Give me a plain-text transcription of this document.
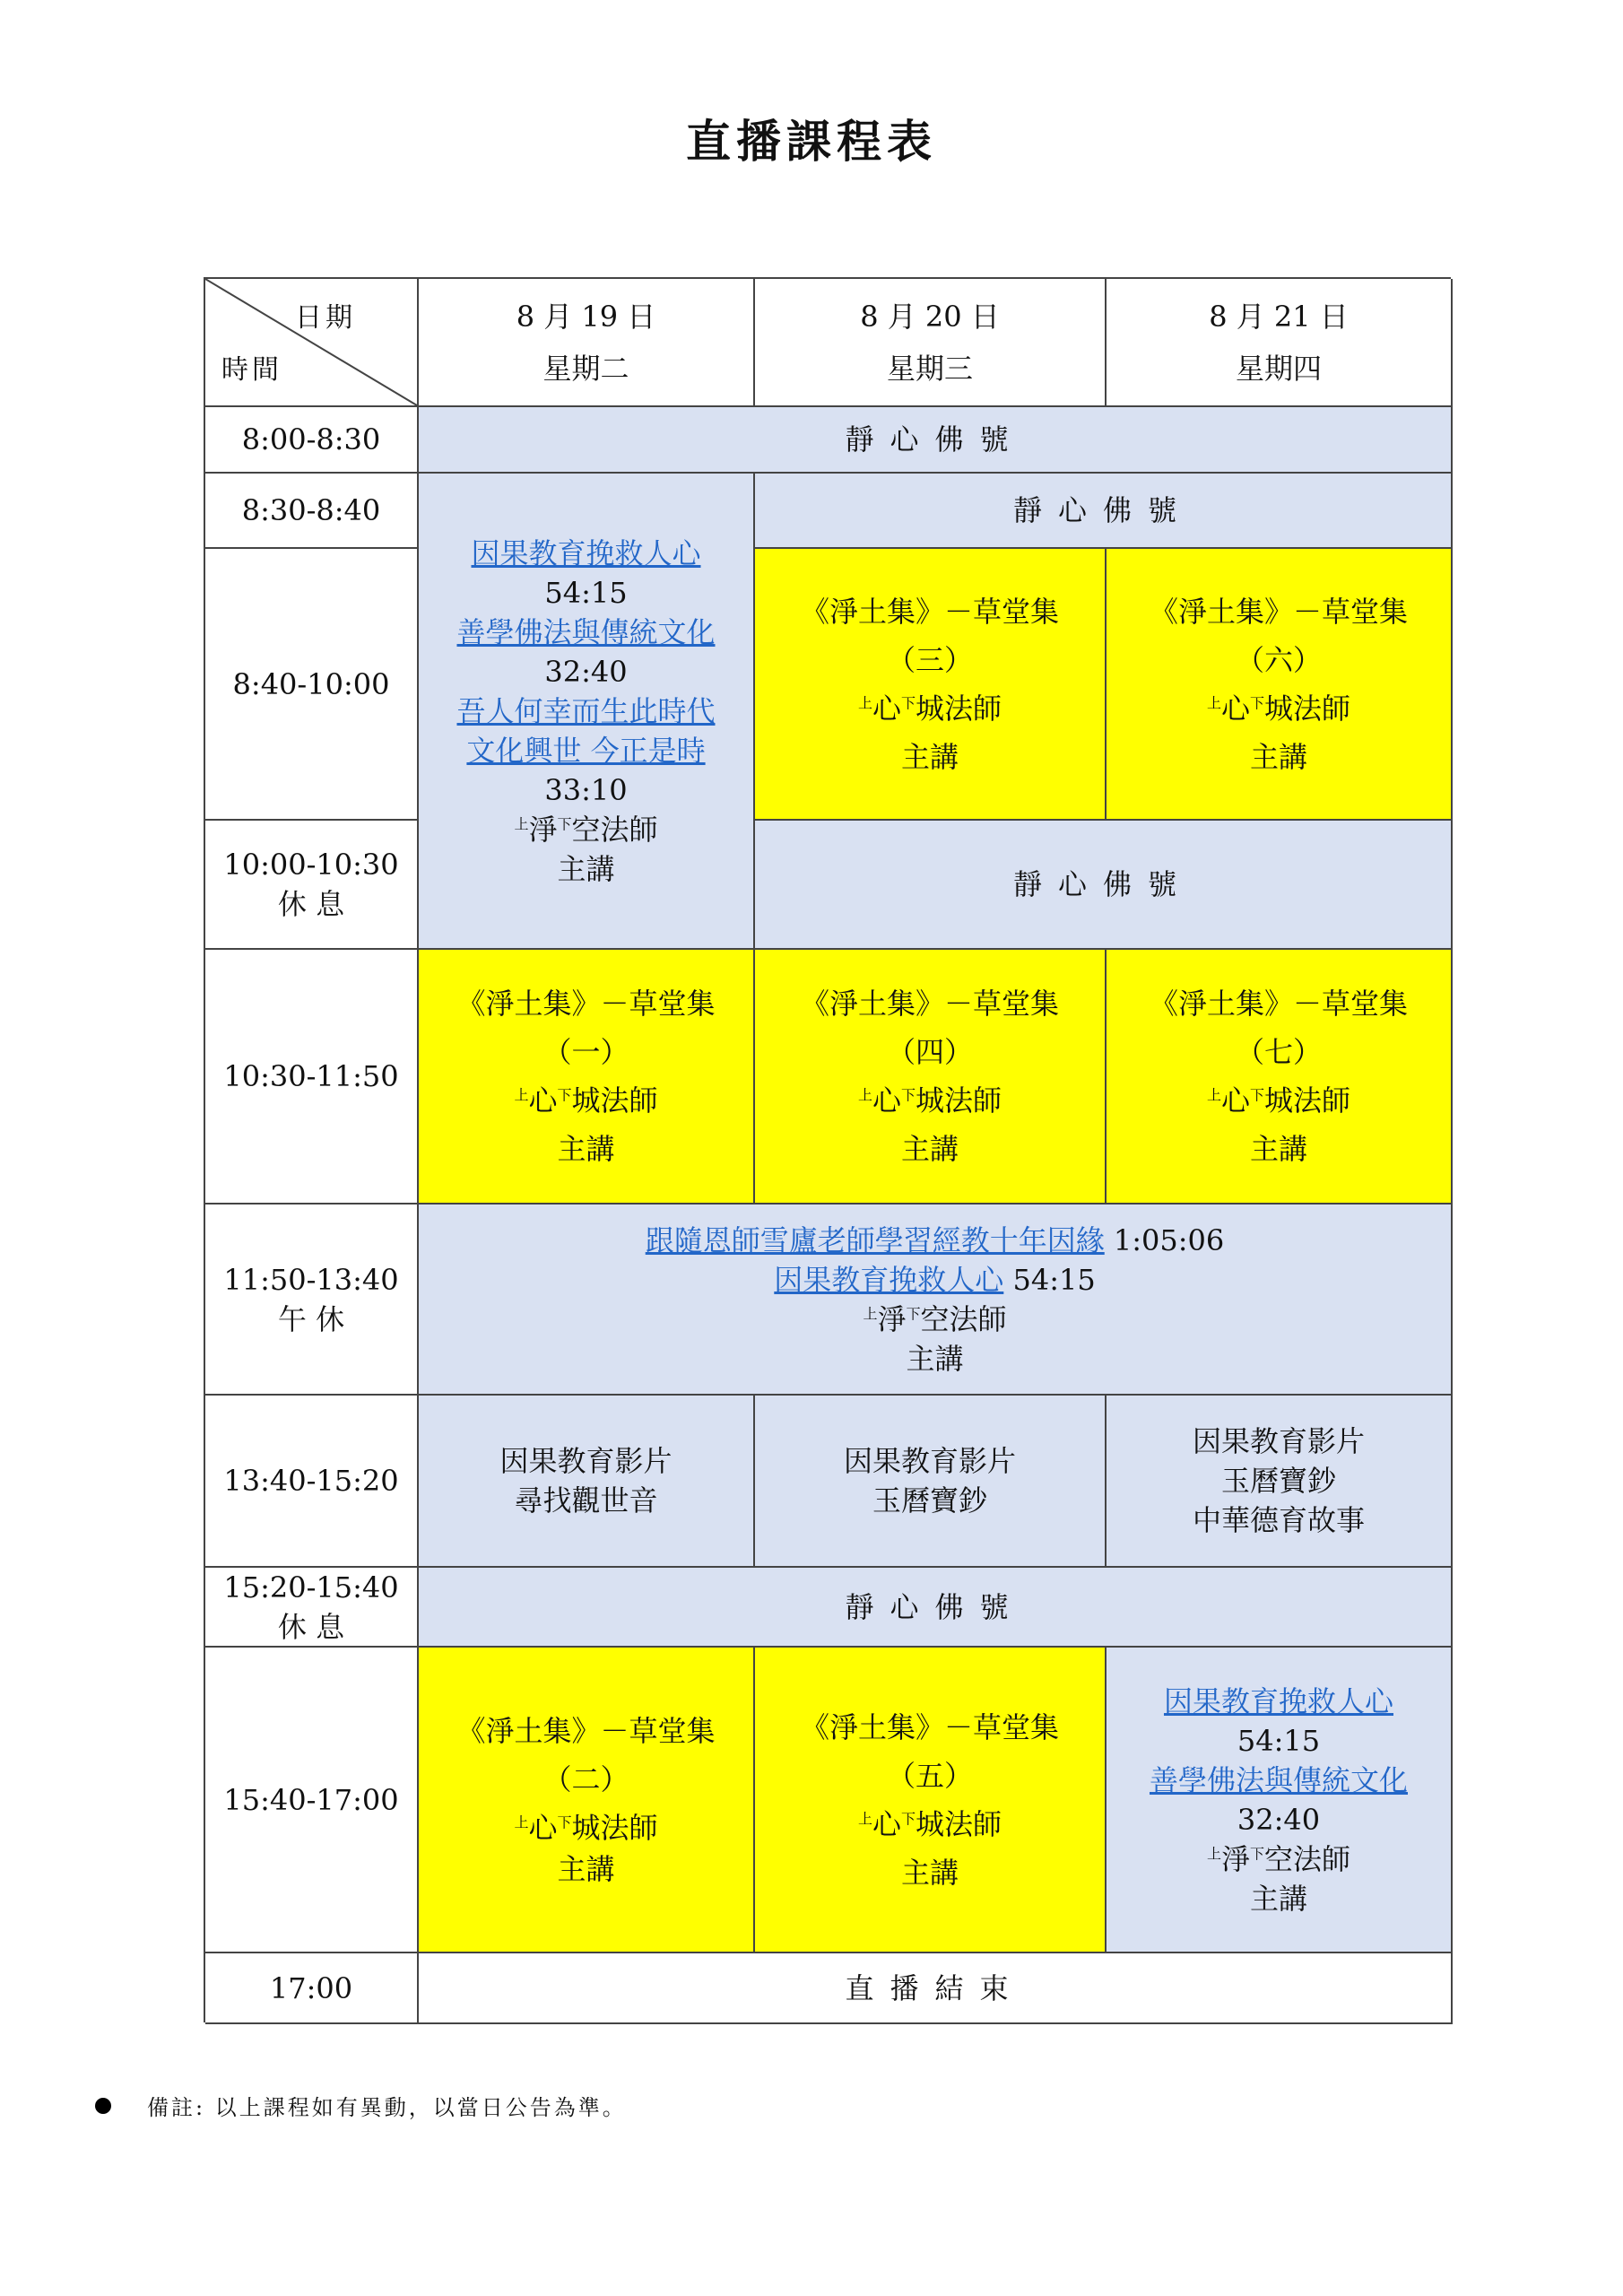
直播課程表
日期
時間
8 月 19 日
星期二
8 月 20 日
星期三
8 月 21 日
星期四
8:00-8:30
8:30-8:40
8:40-10:00
10:00-10:30
休 息
10:30-11:50
11:50-13:40
午 休
13:40-15:20
15:20-15:40
休 息
15:40-17:00
17:00
靜心佛號
因果教育挽救人心
54:15
善學佛法與傳統文化
32:40
吾人何幸而生此時代
文化興世 今正是時
33:10
$^上$淨$^下$空法師
主講
靜心佛號
《淨土集》－草堂集
（三）
$^上$心$^下$城法師
主講
《淨土集》－草堂集
（六）
$^上$心$^下$城法師
主講
靜心佛號
《淨土集》－草堂集
（一）
$^上$心$^下$城法師
主講
《淨土集》－草堂集
（四）
$^上$心$^下$城法師
主講
《淨土集》－草堂集
（七）
$^上$心$^下$城法師
主講
跟隨恩師雪廬老師學習經教十年因緣 1:05:06
因果教育挽救人心 54:15
$^上$淨$^下$空法師
主講
因果教育影片
尋找觀世音
因果教育影片
玉曆寶鈔
因果教育影片
玉曆寶鈔
中華德育故事
靜心佛號
《淨土集》－草堂集
（二）
$^上$心$^下$城法師
主講
《淨土集》－草堂集
（五）
$^上$心$^下$城法師
主講
因果教育挽救人心
54:15
善學佛法與傳統文化
32:40
$^上$淨$^下$空法師
主講
直播結束
備註: 以上課程如有異動，以當日公告為準。
